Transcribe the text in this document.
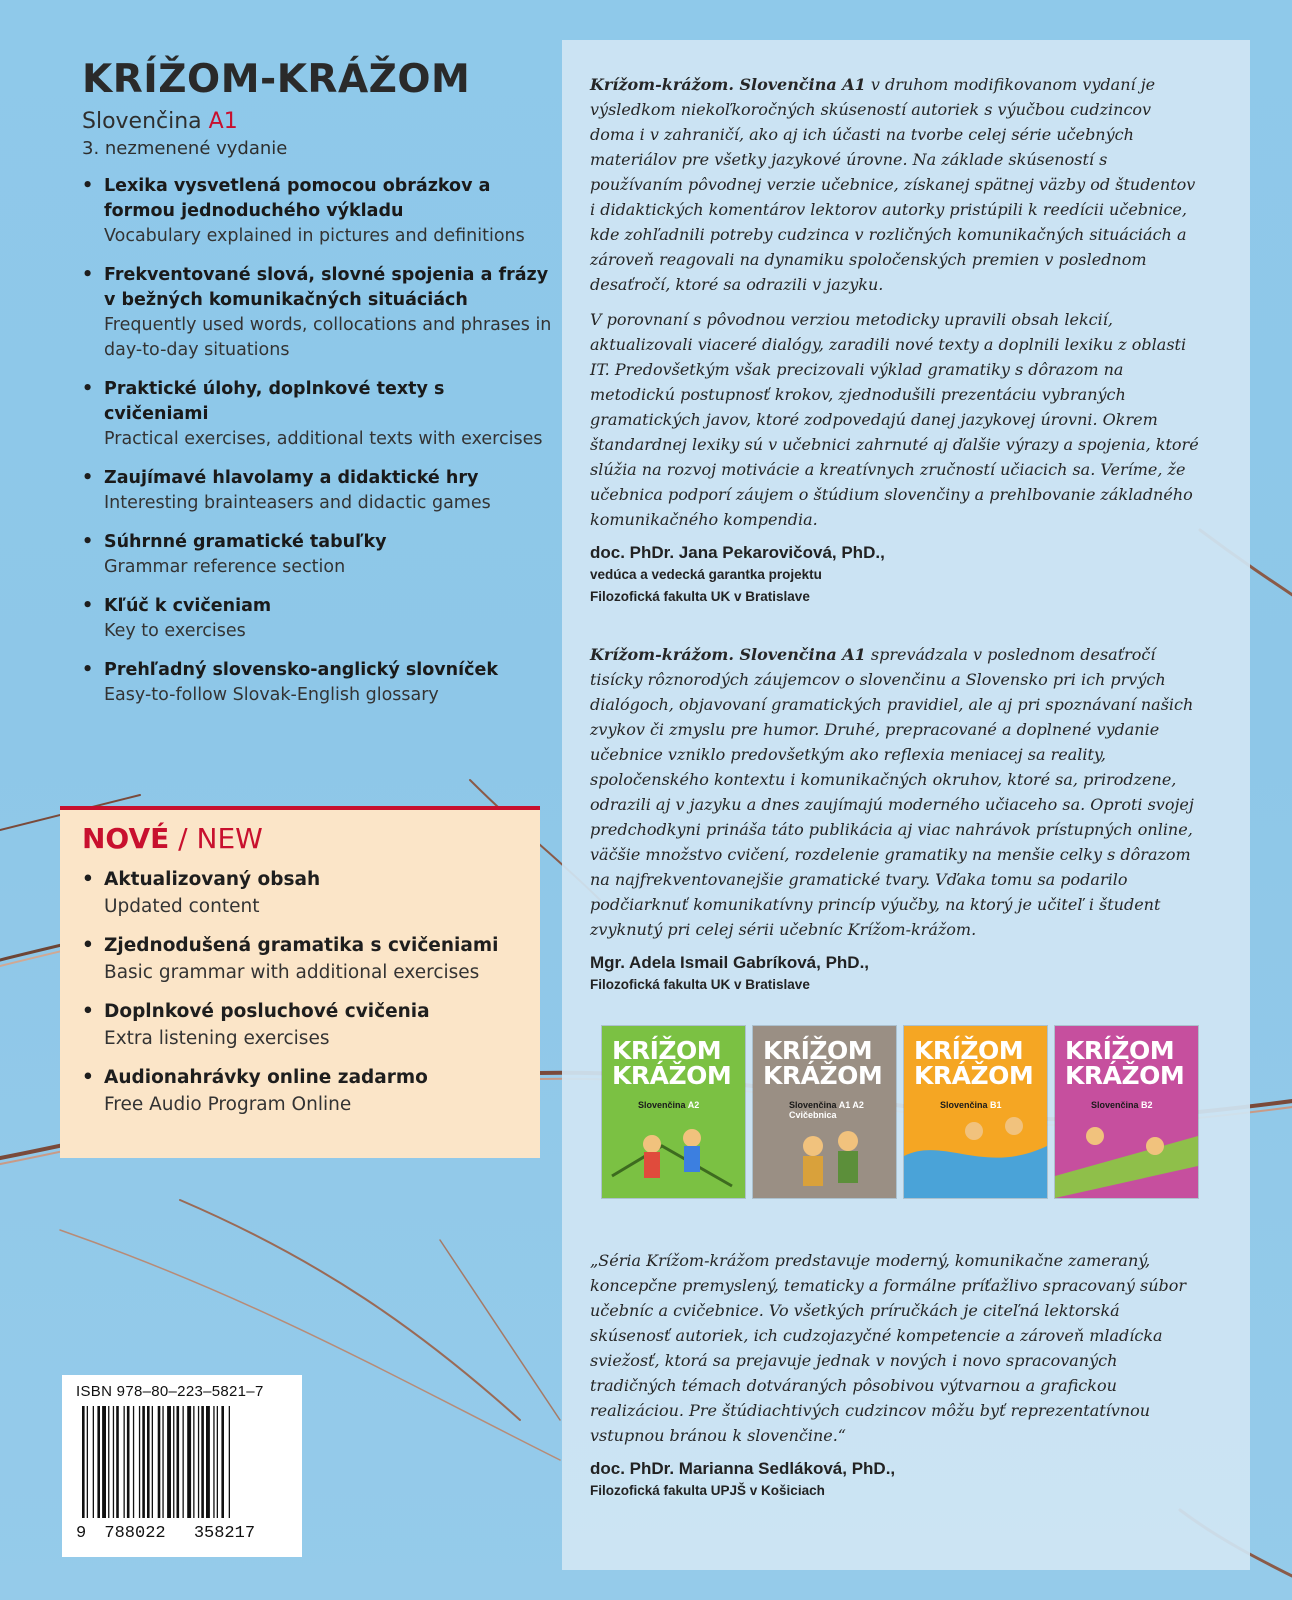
KRÍŽOM-KRÁŽOM
Slovenčina A1
3. nezmenené vydanie
• Lexika vysvetlená pomocou obrázkov a formou jednoduchého výkladu
Vocabulary explained in pictures and definitions
• Frekventované slová, slovné spojenia a frázy v bežných komunikačných situáciách
Frequently used words, collocations and phrases in day-to-day situations
• Praktické úlohy, doplnkové texty s cvičeniami
Practical exercises, additional texts with exercises
• Zaujímavé hlavolamy a didaktické hry
Interesting brainteasers and didactic games
• Súhrnné gramatické tabuľky
Grammar reference section
• Kľúč k cvičeniam
Key to exercises
• Prehľadný slovensko-anglický slovníček
Easy-to-follow Slovak-English glossary
NOVÉ / NEW
• Aktualizovaný obsah
Updated content
• Zjednodušená gramatika s cvičeniami
Basic grammar with additional exercises
• Doplnkové posluchové cvičenia
Extra listening exercises
• Audionahrávky online zadarmo
Free Audio Program Online
ISBN 978–80–223–5821–7
9 788022 358217

Krížom-krážom. Slovenčina A1 v druhom modifikovanom vydaní je výsledkom niekoľkoročných skúseností autoriek s výučbou cudzincov doma i v zahraničí, ako aj ich účasti na tvorbe celej série učebných materiálov pre všetky jazykové úrovne. Na základe skúseností s používaním pôvodnej verzie učebnice, získanej spätnej väzby od študentov i didaktických komentárov lektorov autorky pristúpili k reedícii učebnice, kde zohľadnili potreby cudzinca v rozličných komunikačných situáciách a zároveň reagovali na dynamiku spoločenských premien v poslednom desaťročí, ktoré sa odrazili v jazyku.

V porovnaní s pôvodnou verziou metodicky upravili obsah lekcií, aktualizovali viaceré dialógy, zaradili nové texty a doplnili lexiku z oblasti IT. Predovšetkým však precizovali výklad gramatiky s dôrazom na metodickú postupnosť krokov, zjednodušili prezentáciu vybraných gramatických javov, ktoré zodpovedajú danej jazykovej úrovni. Okrem štandardnej lexiky sú v učebnici zahrnuté aj ďalšie výrazy a spojenia, ktoré slúžia na rozvoj motivácie a kreatívnych zručností učiacich sa. Veríme, že učebnica podporí záujem o štúdium slovenčiny a prehlbovanie základného komunikačného kompendia.

doc. PhDr. Jana Pekarovičová, PhD.,
vedúca a vedecká garantka projektu
Filozofická fakulta UK v Bratislave

Krížom-krážom. Slovenčina A1 sprevádzala v poslednom desaťročí tisícky rôznorodých záujemcov o slovenčinu a Slovensko pri ich prvých dialógoch, objavovaní gramatických pravidiel, ale aj pri spoznávaní našich zvykov či zmyslu pre humor. Druhé, prepracované a doplnené vydanie učebnice vzniklo predovšetkým ako reflexia meniacej sa reality, spoločenského kontextu i komunikačných okruhov, ktoré sa, prirodzene, odrazili aj v jazyku a dnes zaujímajú moderného učiaceho sa. Oproti svojej predchodkyni prináša táto publikácia aj viac nahrávok prístupných online, väčšie množstvo cvičení, rozdelenie gramatiky na menšie celky s dôrazom na najfrekventovanejšie gramatické tvary. Vďaka tomu sa podarilo podčiarknuť komunikatívny princíp výučby, na ktorý je učiteľ i študent zvyknutý pri celej sérii učebníc Krížom-krážom.

Mgr. Adela Ismail Gabríková, PhD.,
Filozofická fakulta UK v Bratislave
KRÍŽOM
KRÁŽOM
Slovenčina A2
KRÍŽOM
KRÁŽOM
Slovenčina A1 A2
Cvičebnica
KRÍŽOM
KRÁŽOM
Slovenčina B1
KRÍŽOM
KRÁŽOM
Slovenčina B2

„Séria Krížom-krážom predstavuje moderný, komunikačne zameraný, koncepčne premyslený, tematicky a formálne príťažlivo spracovaný súbor učebníc a cvičebnice. Vo všetkých príručkách je citeľná lektorská skúsenosť autoriek, ich cudzojazyčné kompetencie a zároveň mladícka sviežosť, ktorá sa prejavuje jednak v nových i novo spracovaných tradičných témach dotváraných pôsobivou výtvarnou a grafickou realizáciou. Pre štúdiachtivých cudzincov môžu byť reprezentatívnou vstupnou bránou k slovenčine.“

doc. PhDr. Marianna Sedláková, PhD.,
Filozofická fakulta UPJŠ v Košiciach
